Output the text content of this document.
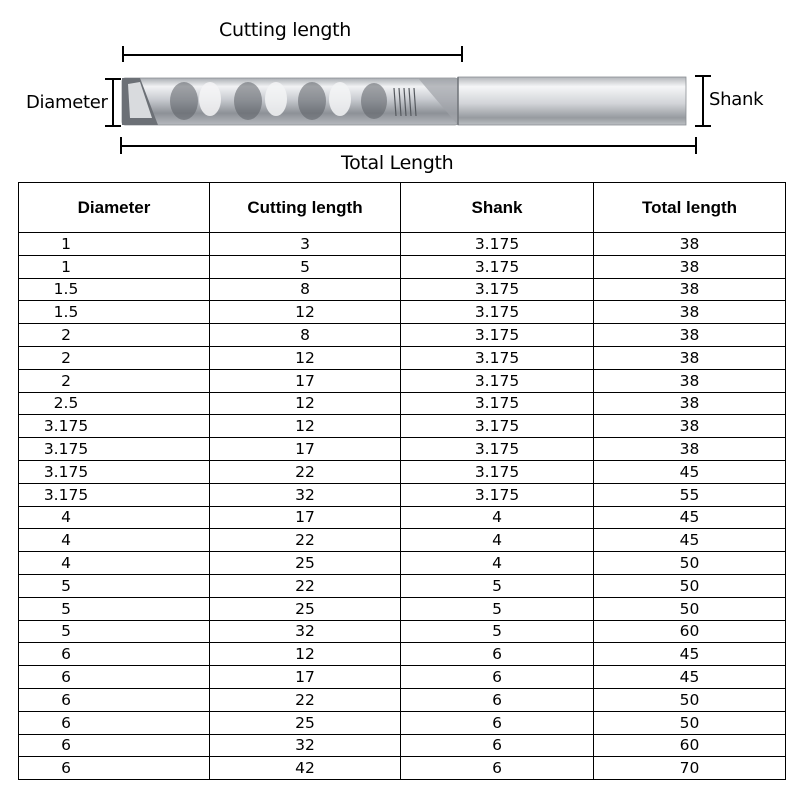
Cutting length
Diameter	Shank
Total Length
Diameter	Cutting length	Shank	Total length
1	3	3.175	38
1	5	3.175	38
1.5	8	3.175	38
1.5	12	3.175	38
2	8	3.175	38
2	12	3.175	38
2	17	3.175	38
2.5	12	3.175	38
3.175	12	3.175	38
3.175	17	3.175	38
3.175	22	3.175	45
3.175	32	3.175	55
4	17	4	45
4	22	4	45
4	25	4	50
5	22	5	50
5	25	5	50
5	32	5	60
6	12	6	45
6	17	6	45
6	22	6	50
6	25	6	50
6	32	6	60
6	42	6	70
